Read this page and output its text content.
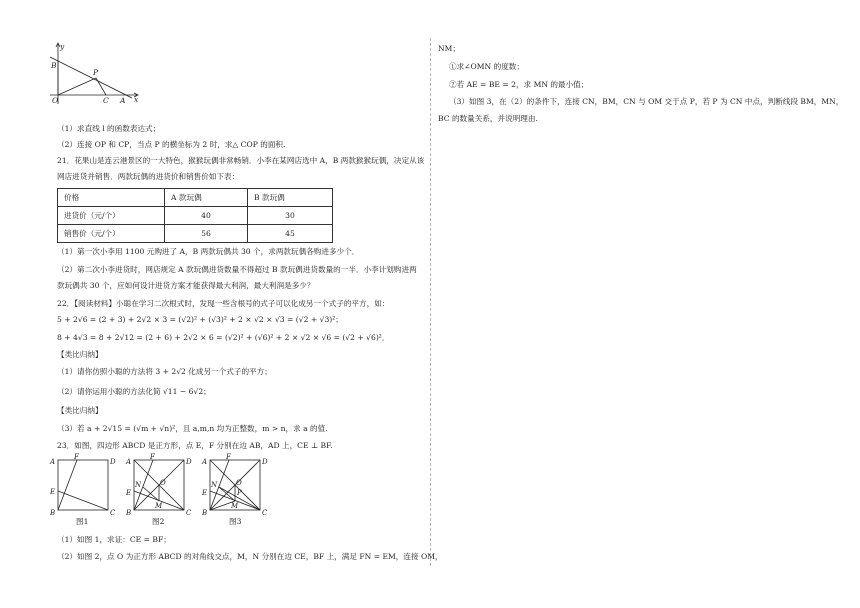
y
B
P
O	C A x
（1）求直线 l 的函数表达式；
（2）连接 OP 和 CP，当点 P 的横坐标为 2 时，求△ COP 的面积.
21．花果山是连云港景区的一大特色，猴猴玩偶非常畅销．小李在某网店选中 A，B 两款猴猴玩偶，决定从该
网店进货并销售．两款玩偶的进货价和销售价如下表：
价格	A 款玩偶	B 款玩偶
进货价（元/个）	40	30
销售价（元/个）	56	45
（1）第一次小李用 1100 元购进了 A，B 两款玩偶共 30 个，求两款玩偶各购进多少个．
（2）第二次小李进货时，网店规定 A 款玩偶进货数量不得超过 B 款玩偶进货数量的一半．小李计划购进两
款玩偶共 30 个，应如何设计进货方案才能获得最大利润，最大利润是多少？
22．【阅读材料】小聪在学习二次根式时，发现一些含根号的式子可以化成另一个式子的平方，如：
5 + 2√6 = (2 + 3) + 2√2 × 3 = (√2)² + (√3)² + 2 × √2 × √3 = (√2 + √3)²；
8 + 4√3 = 8 + 2√12 = (2 + 6) + 2√2 × 6 = (√2)² + (√6)² + 2 × √2 × √6 = (√2 + √6)²．
【类比归纳】
（1）请你仿照小聪的方法将 3 + 2√2 化成另一个式子的平方；
（2）请你运用小聪的方法化简 √11 − 6√2；
【类比归纳】
（3）若 a + 2√15 = (√m + √n)²，且 a,m,n 均为正整数，m > n，求 a 的值.
23．如图，四边形 ABCD 是正方形，点 E，F 分别在边 AB，AD 上，CE ⊥ BF.
A
F
D
E
B	C
图1
A
F
D
N	O
E
M
B	C
图2
A
F
D
N	O
P
E
M
B	C
图3
（1）如图 1，求证：CE = BF；
（2）如图 2，点 O 为正方形 ABCD 的对角线交点，M，N 分别在边 CE，BF 上，满足 FN = EM，连接 OM，
NM；
①求∠OMN 的度数；
②若 AE = BE = 2，求 MN 的最小值；
（3）如图 3，在（2）的条件下，连接 CN，BM，CN 与 OM 交于点 P，若 P 为 CN 中点，判断线段 BM，MN，
BC 的数量关系，并说明理由.
